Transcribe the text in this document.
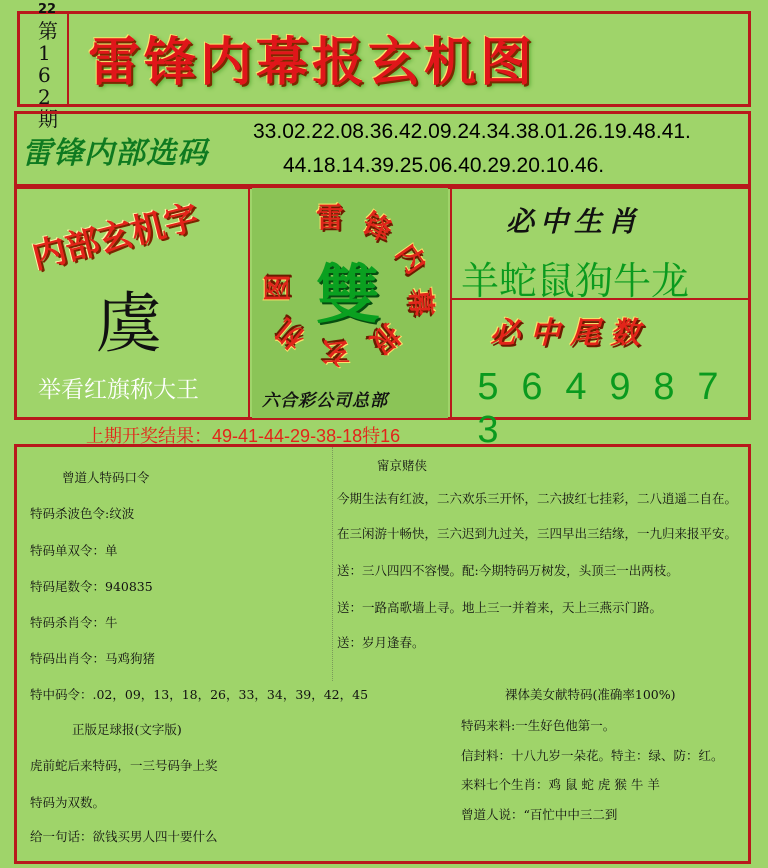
22
第162期
雷锋内幕报玄机图
雷锋内部选码
33.02.22.08.36.42.09.24.34.38.01.26.19.48.41.
44.18.14.39.25.06.40.29.20.10.46.
内部玄机字
虞
举看红旗称大王
雷 锋
内
幕
报
玄
机
图 雙
六合彩公司总部
必中生肖
羊蛇鼠狗牛龙
必中尾数
5 6 4 9 8 73
上期开奖结果：49-41-44-29-38-18特16
曾道人特码口令
特码杀波色令:纹波
特码单双令：单
特码尾数令：940835
特码杀肖令：牛
特码出肖令：马鸡狗猪
特中码令：.02，09，13，18，26，33，34，39，42，45
正版足球报(文字版)
虎前蛇后来特码，一三号码争上奖
特码为双数。
给一句话：欲钱买男人四十要什么
甯京赌侠
今期生法有红波，二六欢乐三开怀，二六披红七挂彩，二八逍遥二自在。
在三闲游十畅快，三六迟到九过关，三四早出三结缘，一九归来报平安。
送：三八四四不容慢。配:今期特码万树发，头顶三一出两枝。
送：一路高歌墙上寻。地上三一并着来，天上三燕示门路。
送：岁月逢春。
裸体美女献特码(准确率100%)
特码来料:一生好色他第一。
信封料：十八九岁一朵花。特主：绿、防：红。
来料七个生肖：鸡 鼠 蛇 虎 猴 牛 羊
曾道人说：“百忙中中三二到
